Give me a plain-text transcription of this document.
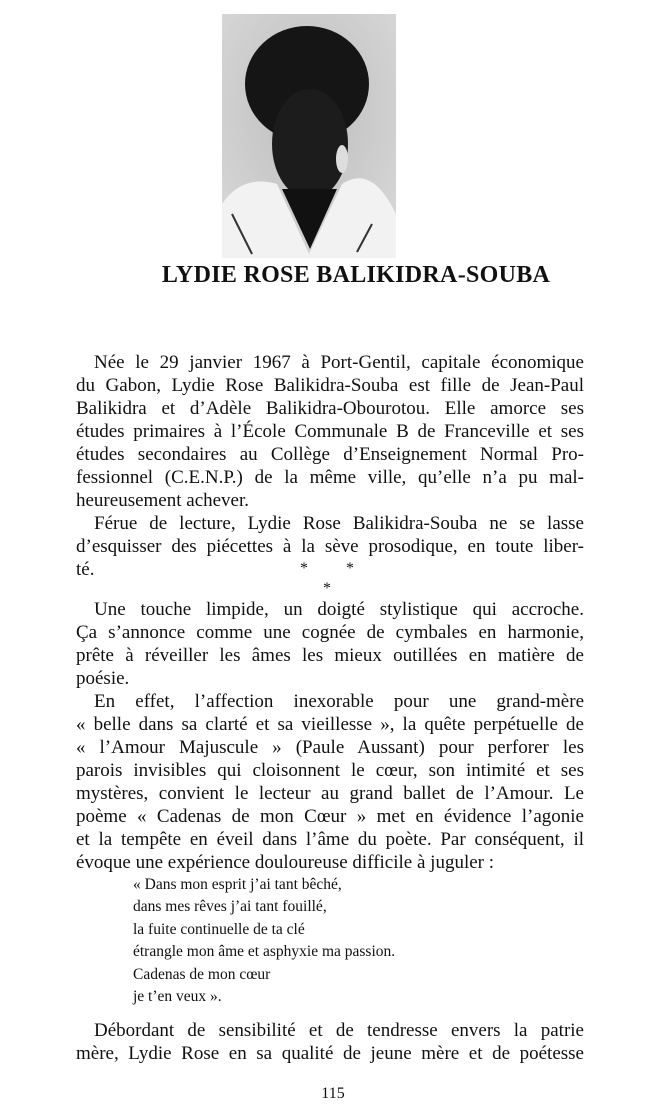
LYDIE ROSE BALIKIDRA-SOUBA
Née le 29 janvier 1967 à Port-Gentil, capitale économique
du Gabon, Lydie Rose Balikidra-Souba est fille de Jean-Paul
Balikidra et d’Adèle Balikidra-Obourotou. Elle amorce ses
études primaires à l’École Communale B de Franceville et ses
études secondaires au Collège d’Enseignement Normal Pro-
fessionnel (C.E.N.P.) de la même ville, qu’elle n’a pu mal-
heureusement achever.
Férue de lecture, Lydie Rose Balikidra-Souba ne se lasse
d’esquisser des piécettes à la sève prosodique, en toute liber-
té.
Une touche limpide, un doigté stylistique qui accroche.
Ça s’annonce comme une cognée de cymbales en harmonie,
prête à réveiller les âmes les mieux outillées en matière de
poésie.
En effet, l’affection inexorable pour une grand-mère
« belle dans sa clarté et sa vieillesse », la quête perpétuelle de
« l’Amour Majuscule » (Paule Aussant) pour perforer les
parois invisibles qui cloisonnent le cœur, son intimité et ses
mystères, convient le lecteur au grand ballet de l’Amour. Le
poème « Cadenas de mon Cœur » met en évidence l’agonie
et la tempête en éveil dans l’âme du poète. Par conséquent, il
évoque une expérience douloureuse difficile à juguler :
Débordant de sensibilité et de tendresse envers la patrie
mère, Lydie Rose en sa qualité de jeune mère et de poétesse
* *
*
« Dans mon esprit j’ai tant bêché,
dans mes rêves j’ai tant fouillé,
la fuite continuelle de ta clé
étrangle mon âme et asphyxie ma passion.
Cadenas de mon cœur
je t’en veux ».
115
